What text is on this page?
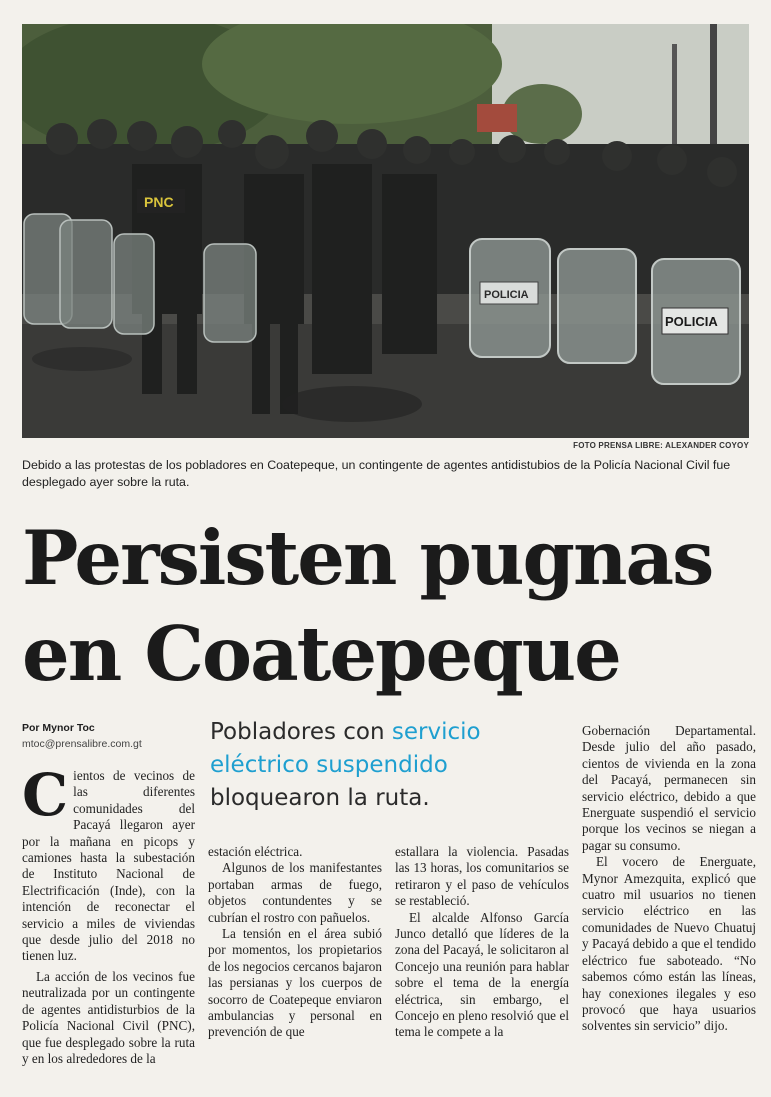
PNC
POLICIA
POLICIA
FOTO PRENSA LIBRE: ALEXANDER COYOY
Debido a las protestas de los pobladores en Coatepeque, un contingente de agentes antidistubios de la Policía Nacional Civil fue desplegado ayer sobre la ruta.
Persisten pugnas
en Coatepeque
Por Mynor Toc
mtoc@prensalibre.com.gt	Pobladores con servicio eléctrico suspendido bloquearon la ruta.

Cientos de vecinos de las diferentes comunidades del Pacayá llegaron ayer por la mañana en picops y camiones hasta la subestación de Instituto Nacional de Electrificación (Inde), con la intención de reconectar el servicio a miles de viviendas que desde julio del 2018 no tienen luz.

La acción de los vecinos fue neutralizada por un contingente de agentes antidisturbios de la Policía Nacional Civil (PNC), que fue desplegado sobre la ruta y en los alrededores de la

estación eléctrica.

Algunos de los manifestantes portaban armas de fuego, objetos contundentes y se cubrían el rostro con pañuelos.

La tensión en el área subió por momentos, los propietarios de los negocios cercanos bajaron las persianas y los cuerpos de socorro de Coatepeque enviaron ambulancias y personal en prevención de que

estallara la violencia. Pasadas las 13 horas, los comunitarios se retiraron y el paso de vehículos se restableció.

El alcalde Alfonso García Junco detalló que líderes de la zona del Pacayá, le solicitaron al Concejo una reunión para hablar sobre el tema de la energía eléctrica, sin embargo, el Concejo en pleno resolvió que el tema le compete a la

Gobernación Departamental. Desde julio del año pasado, cientos de vivienda en la zona del Pacayá, permanecen sin servicio eléctrico, debido a que Energuate suspendió el servicio porque los vecinos se niegan a pagar su consumo.

El vocero de Energuate, Mynor Amezquita, explicó que cuatro mil usuarios no tienen servicio eléctrico en las comunidades de Nuevo Chuatuj y Pacayá debido a que el tendido eléctrico fue saboteado. “No sabemos cómo están las líneas, hay conexiones ilegales y eso provocó que haya usuarios solventes sin servicio” dijo.
